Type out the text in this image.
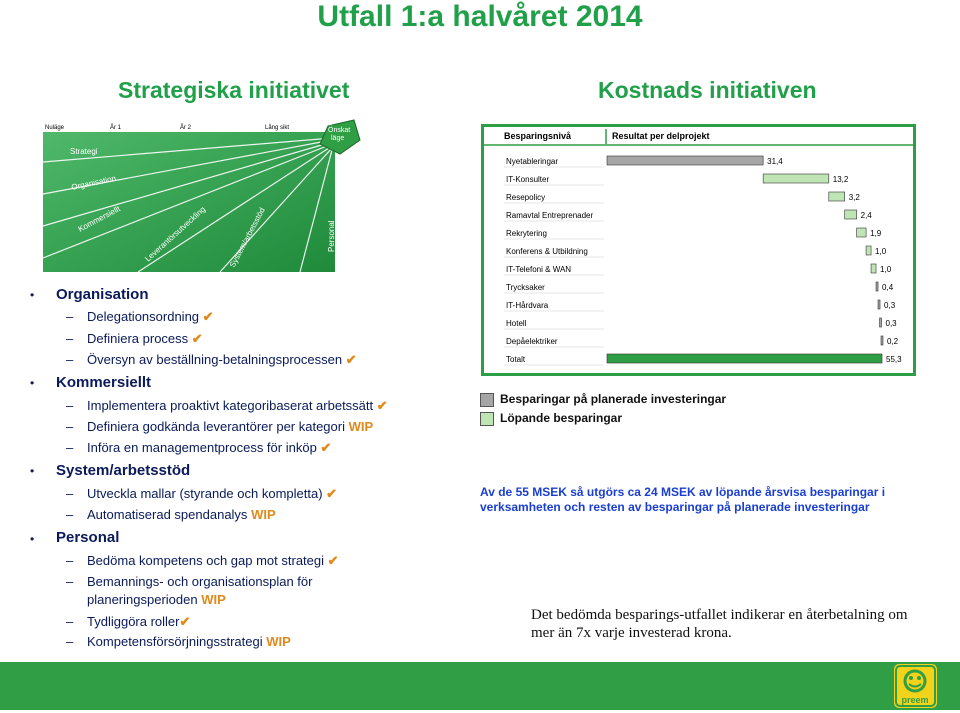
Utfall 1:a halvåret 2014
Strategiska initiativet	Kostnads initiativen
Nuläge	År 1	År 2	Lång sikt	Önskat
läge
Strategi
Organisation
Kommersiellt	Leverantörsutveckling	System/arbetsstöd	Personal
• Organisation
– Delegationsordning ✔
– Definiera process ✔
– Översyn av beställning-betalningsprocessen ✔
• Kommersiellt
– Implementera proaktivt kategoribaserat arbetssätt ✔
– Definiera godkända leverantörer per kategori WIP
– Införa en managementprocess för inköp ✔
• System/arbetsstöd
– Utveckla mallar (styrande och kompletta) ✔
– Automatiserad spendanalys WIP
• Personal
– Bedöma kompetens och gap mot strategi ✔
– Bemannings- och organisationsplan för
planeringsperioden WIP
– Tydliggöra roller✔
– Kompetensförsörjningsstrategi WIP
Besparingsnivå	Resultat per delprojekt
Nyetableringar	31,4
IT-Konsulter	13,2
Resepolicy	3,2
Ramavtal Entreprenader	2,4
Rekrytering	1,9
Konferens & Utbildning	1,0
IT-Telefoni & WAN	1,0
Trycksaker	0,4
IT-Hårdvara	0,3
Hotell	0,3
Depåelektriker	0,2
Totalt	55,3
Besparingar på planerade investeringar
Löpande besparingar
Av de 55 MSEK så utgörs ca 24 MSEK av löpande årsvisa besparingar i verksamheten och resten av besparingar på planerade investeringar
Det bedömda besparings-utfallet indikerar en återbetalning om mer än 7x varje investerad krona.
preem
